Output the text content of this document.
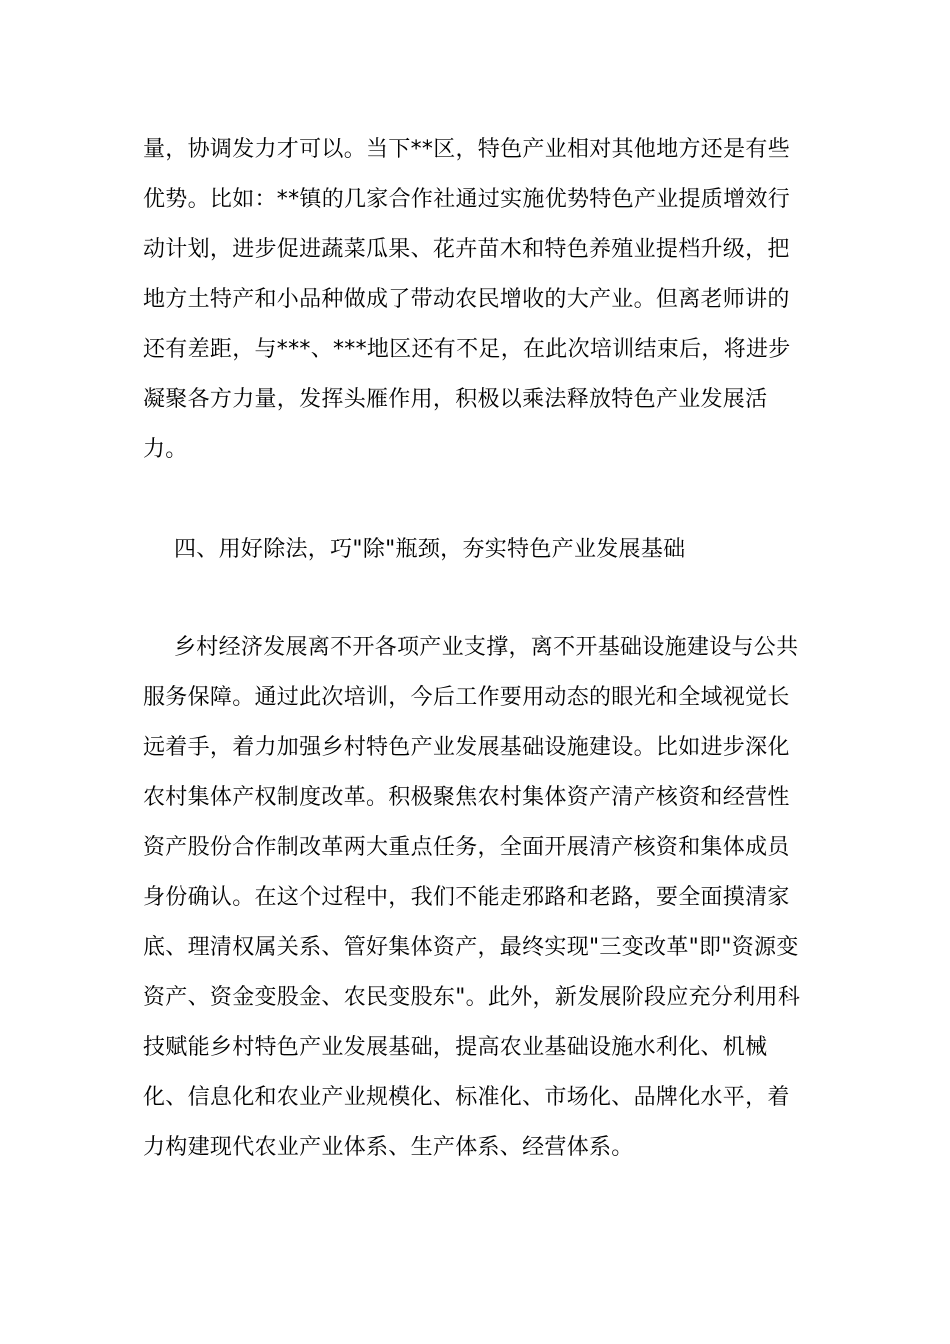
量，协调发力才可以。当下**区，特色产业相对其他地方还是有些
优势。比如：**镇的几家合作社通过实施优势特色产业提质增效行
动计划，进步促进蔬菜瓜果、花卉苗木和特色养殖业提档升级，把
地方土特产和小品种做成了带动农民增收的大产业。但离老师讲的
还有差距，与***、***地区还有不足，在此次培训结束后，将进步
凝聚各方力量，发挥头雁作用，积极以乘法释放特色产业发展活
力。
四、用好除法，巧"除"瓶颈，夯实特色产业发展基础
乡村经济发展离不开各项产业支撑，离不开基础设施建设与公共
服务保障。通过此次培训，今后工作要用动态的眼光和全域视觉长
远着手，着力加强乡村特色产业发展基础设施建设。比如进步深化
农村集体产权制度改革。积极聚焦农村集体资产清产核资和经营性
资产股份合作制改革两大重点任务，全面开展清产核资和集体成员
身份确认。在这个过程中，我们不能走邪路和老路，要全面摸清家
底、理清权属关系、管好集体资产，最终实现"三变改革"即"资源变
资产、资金变股金、农民变股东"。此外，新发展阶段应充分利用科
技赋能乡村特色产业发展基础，提高农业基础设施水利化、机械
化、信息化和农业产业规模化、标准化、市场化、品牌化水平，着
力构建现代农业产业体系、生产体系、经营体系。
